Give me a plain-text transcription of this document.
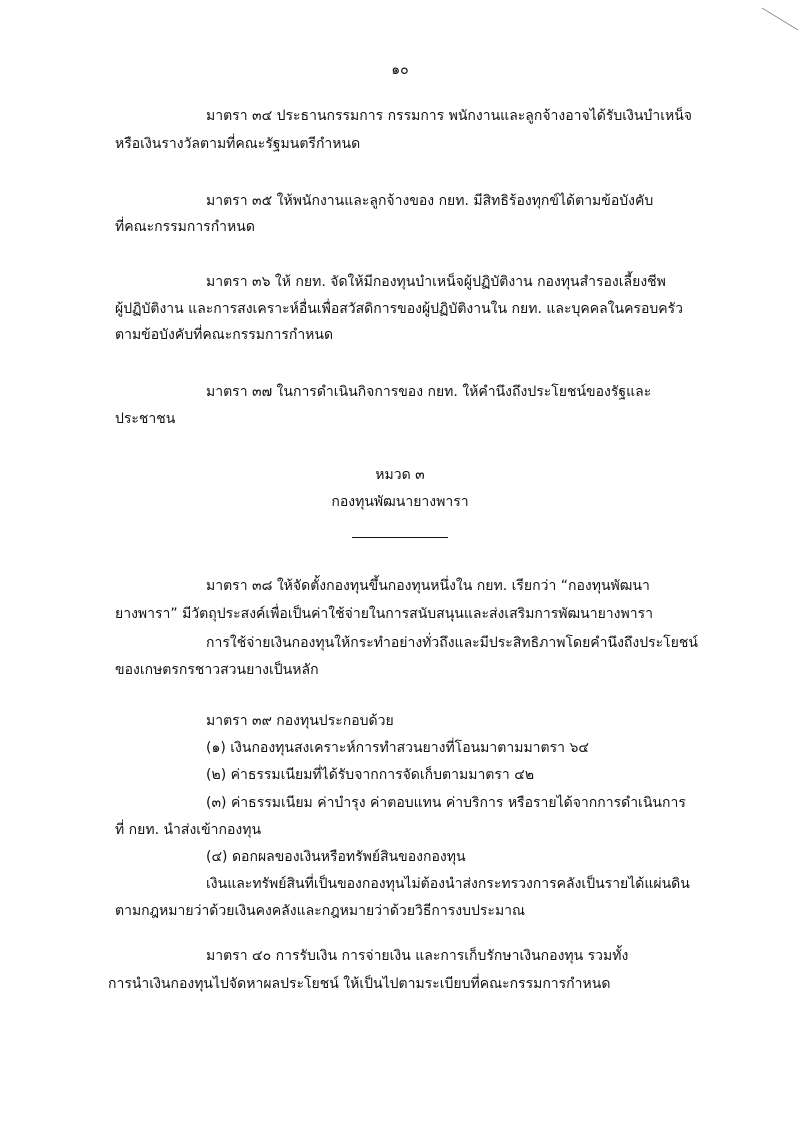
๑๐
มาตรา ๓๔ ประธานกรรมการ กรรมการ พนักงานและลูกจ้างอาจได้รับเงินบำเหน็จ
หรือเงินรางวัลตามที่คณะรัฐมนตรีกำหนด
มาตรา ๓๕ ให้พนักงานและลูกจ้างของ กยท. มีสิทธิร้องทุกข์ได้ตามข้อบังคับ
ที่คณะกรรมการกำหนด
มาตรา ๓๖ ให้ กยท. จัดให้มีกองทุนบำเหน็จผู้ปฏิบัติงาน กองทุนสำรองเลี้ยงชีพ
ผู้ปฏิบัติงาน และการสงเคราะห์อื่นเพื่อสวัสดิการของผู้ปฏิบัติงานใน กยท. และบุคคลในครอบครัว
ตามข้อบังคับที่คณะกรรมการกำหนด
มาตรา ๓๗ ในการดำเนินกิจการของ กยท. ให้คำนึงถึงประโยชน์ของรัฐและ
ประชาชน
หมวด ๓
กองทุนพัฒนายางพารา
มาตรา ๓๘ ให้จัดตั้งกองทุนขึ้นกองทุนหนึ่งใน กยท. เรียกว่า “กองทุนพัฒนา
ยางพารา” มีวัตถุประสงค์เพื่อเป็นค่าใช้จ่ายในการสนับสนุนและส่งเสริมการพัฒนายางพารา
การใช้จ่ายเงินกองทุนให้กระทำอย่างทั่วถึงและมีประสิทธิภาพโดยคำนึงถึงประโยชน์
ของเกษตรกรชาวสวนยางเป็นหลัก
มาตรา ๓๙ กองทุนประกอบด้วย
(๑) เงินกองทุนสงเคราะห์การทำสวนยางที่โอนมาตามมาตรา ๖๔
(๒) ค่าธรรมเนียมที่ได้รับจากการจัดเก็บตามมาตรา ๔๒
(๓) ค่าธรรมเนียม ค่าบำรุง ค่าตอบแทน ค่าบริการ หรือรายได้จากการดำเนินการ
ที่ กยท. นำส่งเข้ากองทุน
(๔) ดอกผลของเงินหรือทรัพย์สินของกองทุน
เงินและทรัพย์สินที่เป็นของกองทุนไม่ต้องนำส่งกระทรวงการคลังเป็นรายได้แผ่นดิน
ตามกฎหมายว่าด้วยเงินคงคลังและกฎหมายว่าด้วยวิธีการงบประมาณ
มาตรา ๔๐ การรับเงิน การจ่ายเงิน และการเก็บรักษาเงินกองทุน รวมทั้ง
การนำเงินกองทุนไปจัดหาผลประโยชน์ ให้เป็นไปตามระเบียบที่คณะกรรมการกำหนด
